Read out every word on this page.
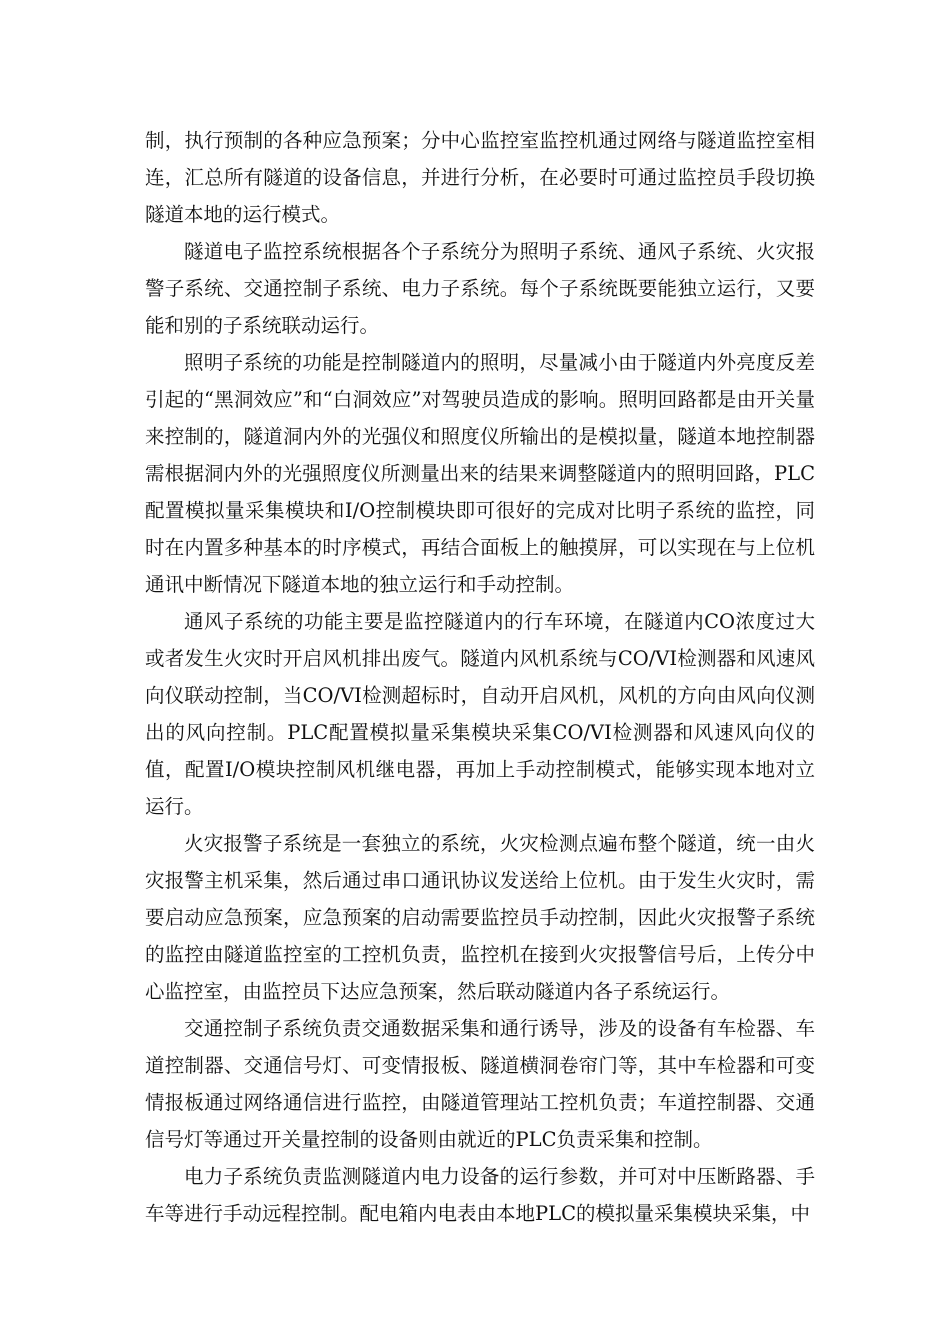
制，执行预制的各种应急预案；分中心监控室监控机通过网络与隧道监控室相连，汇总所有隧道的设备信息，并进行分析，在必要时可通过监控员手段切换隧道本地的运行模式。

隧道电子监控系统根据各个子系统分为照明子系统、通风子系统、火灾报警子系统、交通控制子系统、电力子系统。每个子系统既要能独立运行，又要能和别的子系统联动运行。

照明子系统的功能是控制隧道内的照明，尽量减小由于隧道内外亮度反差引起的“黑洞效应”和“白洞效应”对驾驶员造成的影响。照明回路都是由开关量来控制的，隧道洞内外的光强仪和照度仪所输出的是模拟量，隧道本地控制器需根据洞内外的光强照度仪所测量出来的结果来调整隧道内的照明回路，PLC配置模拟量采集模块和I/O控制模块即可很好的完成对比明子系统的监控，同时在内置多种基本的时序模式，再结合面板上的触摸屏，可以实现在与上位机通讯中断情况下隧道本地的独立运行和手动控制。

通风子系统的功能主要是监控隧道内的行车环境，在隧道内CO浓度过大或者发生火灾时开启风机排出废气。隧道内风机系统与CO/VI检测器和风速风向仪联动控制，当CO/VI检测超标时，自动开启风机，风机的方向由风向仪测出的风向控制。PLC配置模拟量采集模块采集CO/VI检测器和风速风向仪的值，配置I/O模块控制风机继电器，再加上手动控制模式，能够实现本地对立运行。

火灾报警子系统是一套独立的系统，火灾检测点遍布整个隧道，统一由火灾报警主机采集，然后通过串口通讯协议发送给上位机。由于发生火灾时，需要启动应急预案，应急预案的启动需要监控员手动控制，因此火灾报警子系统的监控由隧道监控室的工控机负责，监控机在接到火灾报警信号后，上传分中心监控室，由监控员下达应急预案，然后联动隧道内各子系统运行。

交通控制子系统负责交通数据采集和通行诱导，涉及的设备有车检器、车道控制器、交通信号灯、可变情报板、隧道横洞卷帘门等，其中车检器和可变情报板通过网络通信进行监控，由隧道管理站工控机负责；车道控制器、交通信号灯等通过开关量控制的设备则由就近的PLC负责采集和控制。

电力子系统负责监测隧道内电力设备的运行参数，并可对中压断路器、手车等进行手动远程控制。配电箱内电表由本地PLC的模拟量采集模块采集，中
